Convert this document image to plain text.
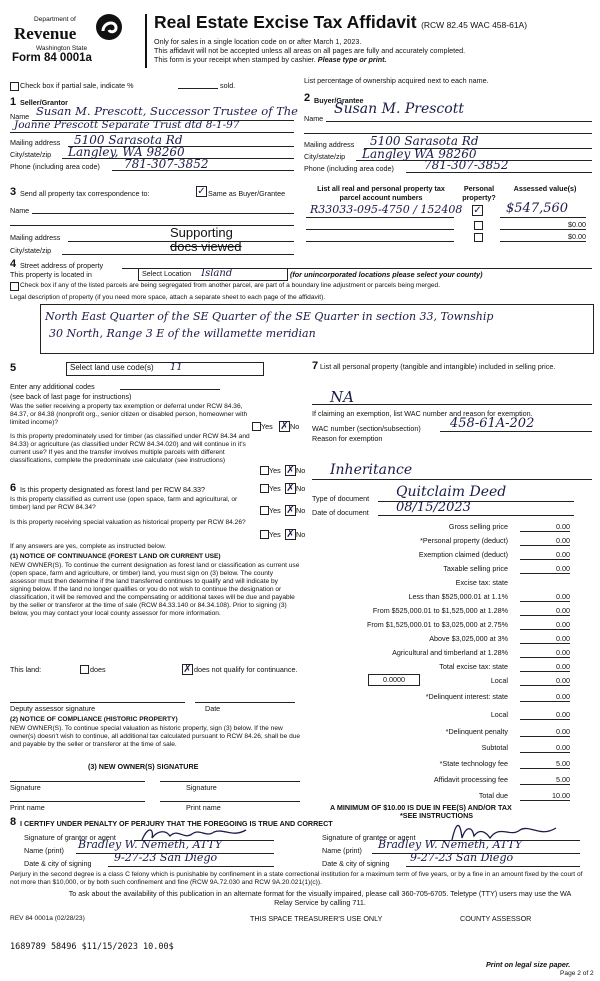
Department of
Revenue
Washington State
Form 84 0001a
Real Estate Excise Tax Affidavit (RCW 82.45 WAC 458-61A)
Only for sales in a single location code on or after March 1, 2023.
This affidavit will not be accepted unless all areas on all pages are fully and accurately completed.
This form is your receipt when stamped by cashier. Please type or print.
Check box if partial sale, indicate %	sold.
List percentage of ownership acquired next to each name.
1 Seller/Grantor
Name Susan M. Prescott, Successor Trustee of The
Joanne Prescott Separate Trust dtd 8-1-97
Mailing address 5100 Sarasota Rd
City/state/zip Langley, WA 98260
Phone (including area code) 781-307-3852
2 Buyer/Grantee
Name
Susan M. Prescott
Mailing address 5100 Sarasota Rd
City/state/zip Langley WA 98260
Phone (including area code)	781-307-3852
3 Send all property tax correspondence to:	✓ Same as Buyer/Grantee
Name
Mailing address	Supporting
City/state/zip	docs viewed
List all real and personal property tax parcel account numbers
Personal property?
Assessed value(s)
R33033-095-4750 / 152408 ✓ $547,560
$0.00
$0.00
4 Street address of property
This property is located in	Select Location Island	(for unincorporated locations please select your county)
Check box if any of the listed parcels are being segregated from another parcel, are part of a boundary line adjustment or parcels being merged.
Legal description of property (if you need more space, attach a separate sheet to each page of the affidavit).
North East Quarter of the SE Quarter of the SE Quarter in section 33, Township
30 North, Range 3 E of the willamette meridian
5	Select land use code(s) 11
Enter any additional codes
(see back of last page for instructions)
Was the seller receiving a property tax exemption or deferral under RCW 84.36, 84.37, or 84.38 (nonprofit org., senior citizen or disabled person, homeowner with limited income)?	Yes ✗ No
Is this property predominately used for timber (as classified under RCW 84.34 and 84.33) or agriculture (as classified under RCW 84.34.020) and will continue in it's current use? If yes and the transfer involves multiple parcels with different classifications, complete the predominate use calculator (see instructions)
Yes ✗ No
6 Is this property designated as forest land per RCW 84.33?	Yes ✗ No
Is this property classified as current use (open space, farm and agricultural, or timber) land per RCW 84.34?	Yes ✗ No
Is this property receiving special valuation as historical property per RCW 84.26?
Yes ✗ No
If any answers are yes, complete as instructed below.
(1) NOTICE OF CONTINUANCE (FOREST LAND OR CURRENT USE)
NEW OWNER(S). To continue the current designation as forest land or classification as current use (open space, farm and agriculture, or timber) land, you must sign on (3) below. The county assessor must then determine if the land transferred continues to qualify and will indicate by signing below. If the land no longer qualifies or you do not wish to continue the designation or classification, it will be removed and the compensating or additional taxes will be due and payable by the seller or transferor at the time of sale (RCW 84.33.140 or 84.34.108). Prior to signing (3) below, you may contact your local county assessor for more information.
This land:	does	✗ does not qualify for continuance.
Deputy assessor signature	Date
(2) NOTICE OF COMPLIANCE (HISTORIC PROPERTY)
NEW OWNER(S). To continue special valuation as historic property, sign (3) below. If the new owner(s) doesn't wish to continue, all additional tax calculated pursuant to RCW 84.26, shall be due and payable by the seller or transferor at the time of sale.
(3) NEW OWNER(S) SIGNATURE
Signature	Signature
Print name	Print name
7 List all personal property (tangible and intangible) included in selling price.
NA
If claiming an exemption, list WAC number and reason for exemption.
WAC number (section/subsection) 458-61A-202
Reason for exemption
Inheritance
Type of document Quitclaim Deed
Date of document 08/15/2023
Gross selling price	0.00
*Personal property (deduct)	0.00
Exemption claimed (deduct)	0.00
Taxable selling price	0.00
Excise tax: state
Less than $525,000.01 at 1.1%	0.00
From $525,000.01 to $1,525,000 at 1.28%	0.00
From $1,525,000.01 to $3,025,000 at 2.75%	0.00
Above $3,025,000 at 3%	0.00
Agricultural and timberland at 1.28%	0.00
Total excise tax: state	0.00
0.0000	Local	0.00
*Delinquent interest: state	0.00
Local	0.00
*Delinquent penalty	0.00
Subtotal	0.00
*State technology fee	5.00
Affidavit processing fee	5.00
Total due	10.00
A MINIMUM OF $10.00 IS DUE IN FEE(S) AND/OR TAX
*SEE INSTRUCTIONS
8 I CERTIFY UNDER PENALTY OF PERJURY THAT THE FOREGOING IS TRUE AND CORRECT
Signature of grantor or agent
Name (print) Bradley W. Nemeth, ATTY
Date & city of signing 9-27-23 San Diego
Signature of grantee or agent
Name (print) Bradley W. Nemeth, ATTY
Date & city of signing 9-27-23 San Diego
Perjury in the second degree is a class C felony which is punishable by confinement in a state correctional institution for a maximum term of five years, or by a fine in an amount fixed by the court of not more than $10,000, or by both such confinement and fine (RCW 9A.72.030 and RCW 9A.20.021(1)(c)).
To ask about the availability of this publication in an alternate format for the visually impaired, please call 360-705-6705. Teletype (TTY) users may use the WA Relay Service by calling 711.
REV 84 0001a (02/28/23)	THIS SPACE TREASURER'S USE ONLY	COUNTY ASSESSOR
1689789 58496 $11/15/2023 10.00$
Print on legal size paper.
Page 2 of 2
